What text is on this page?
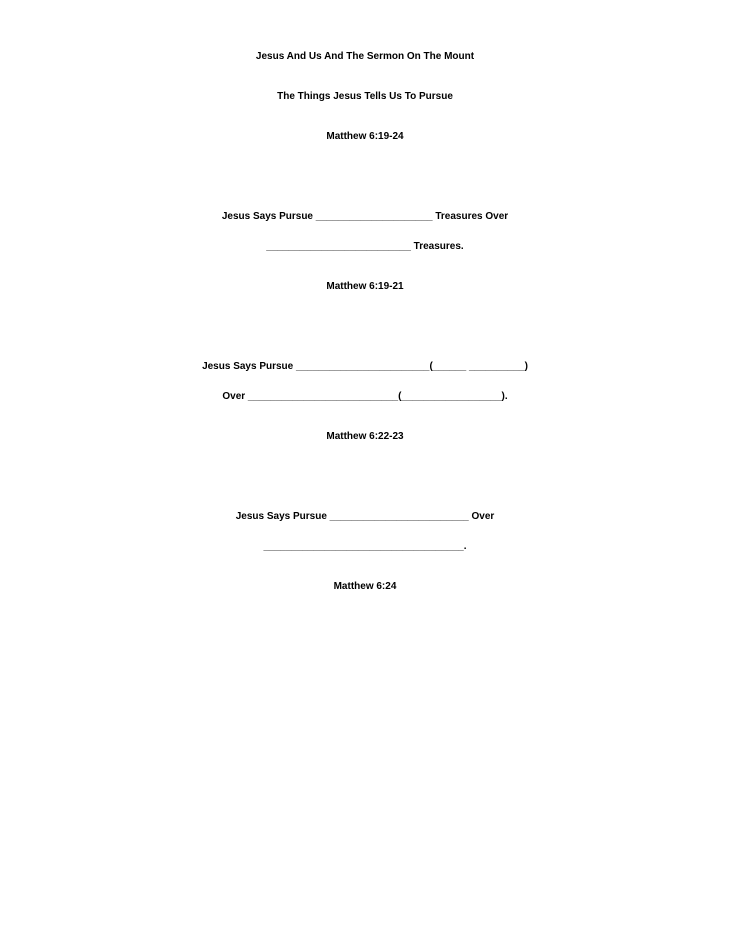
Jesus And Us And The Sermon On The Mount
The Things Jesus Tells Us To Pursue
Matthew 6:19-24
Jesus Says Pursue _____________________ Treasures Over
__________________________ Treasures.
Matthew 6:19-21
Jesus Says Pursue ________________________(______ __________)
Over ___________________________(__________________).
Matthew 6:22-23
Jesus Says Pursue _________________________ Over
____________________________________.
Matthew 6:24
